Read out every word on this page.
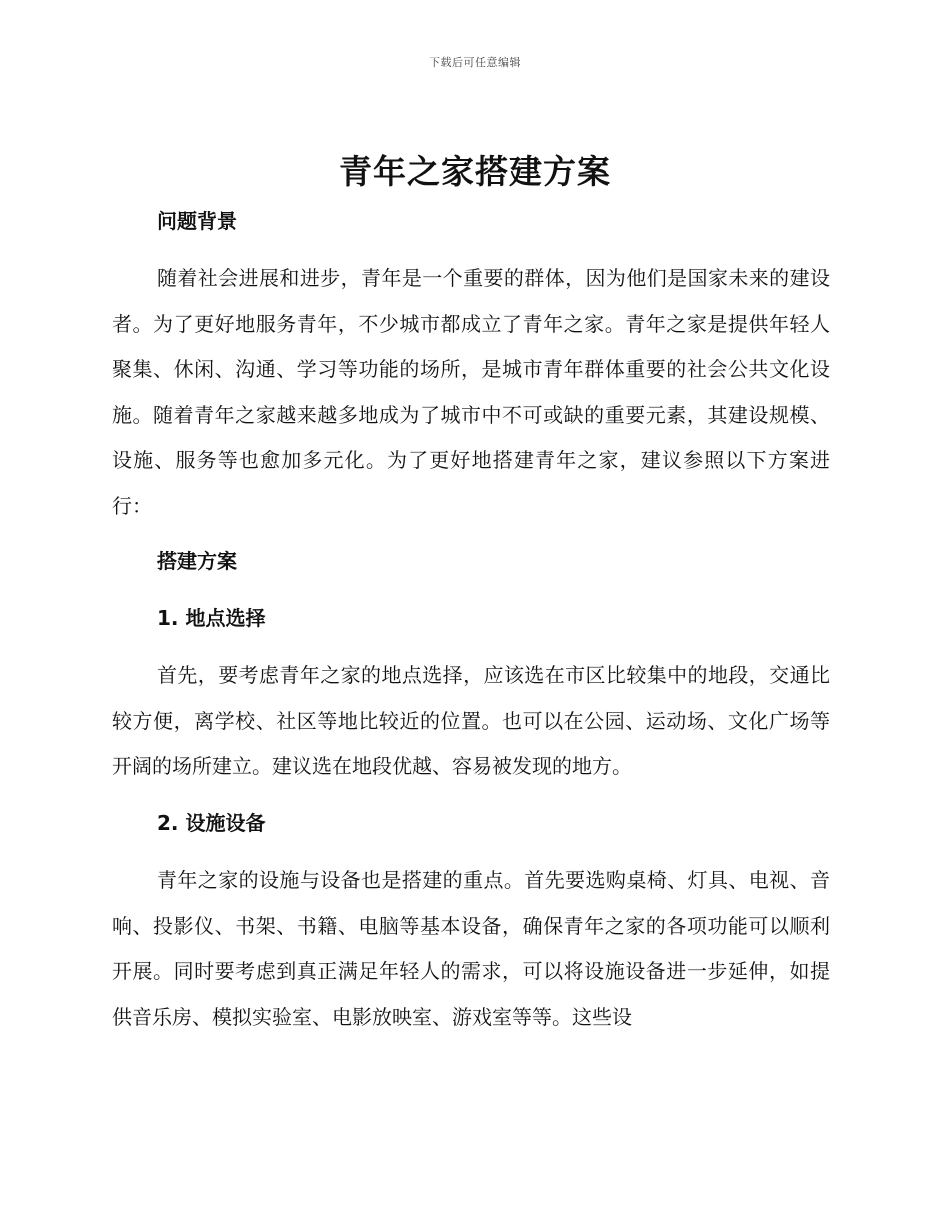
下载后可任意编辑
青年之家搭建方案
问题背景

随着社会进展和进步，青年是一个重要的群体，因为他们是国家未来的建设者。为了更好地服务青年，不少城市都成立了青年之家。青年之家是提供年轻人聚集、休闲、沟通、学习等功能的场所，是城市青年群体重要的社会公共文化设施。随着青年之家越来越多地成为了城市中不可或缺的重要元素，其建设规模、设施、服务等也愈加多元化。为了更好地搭建青年之家，建议参照以下方案进行：

搭建方案
1. 地点选择

首先，要考虑青年之家的地点选择，应该选在市区比较集中的地段，交通比较方便，离学校、社区等地比较近的位置。也可以在公园、运动场、文化广场等开阔的场所建立。建议选在地段优越、容易被发现的地方。

2. 设施设备

青年之家的设施与设备也是搭建的重点。首先要选购桌椅、灯具、电视、音响、投影仪、书架、书籍、电脑等基本设备，确保青年之家的各项功能可以顺利开展。同时要考虑到真正满足年轻人的需求，可以将设施设备进一步延伸，如提供音乐房、模拟实验室、电影放映室、游戏室等等。这些设
